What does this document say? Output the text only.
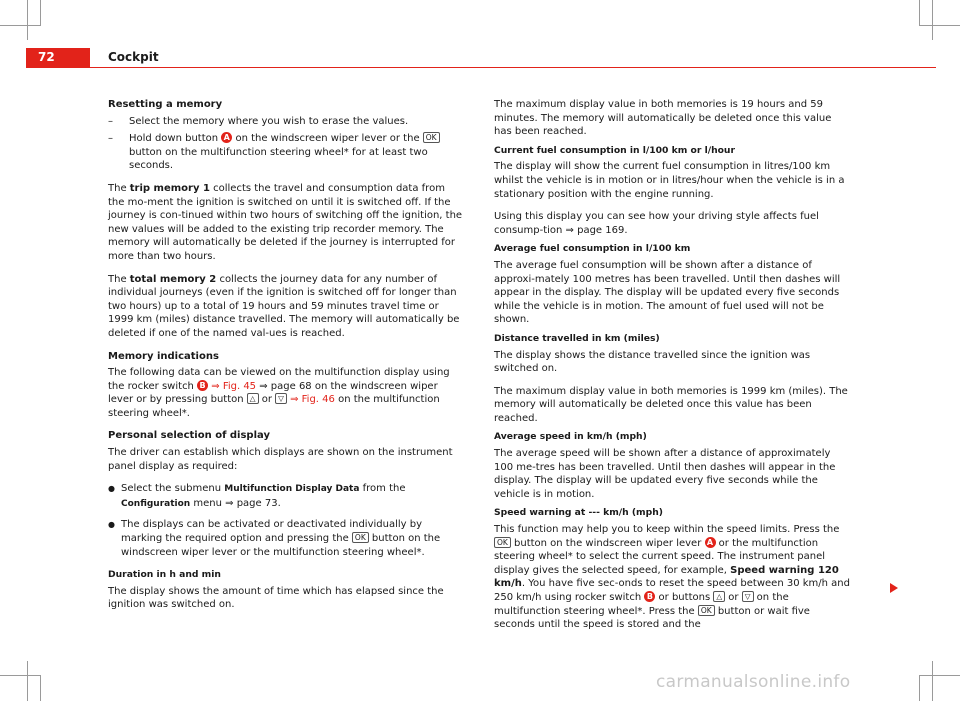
72	Cockpit
Resetting a memory
– Select the memory where you wish to erase the values.
– Hold down button A on the windscreen wiper lever or the OK button on the multifunction steering wheel* for at least two seconds.

The trip memory 1 collects the travel and consumption data from the mo-ment the ignition is switched on until it is switched off. If the journey is con-tinued within two hours of switching off the ignition, the new values will be added to the existing trip recorder memory. The memory will automatically be deleted if the journey is interrupted for more than two hours.

The total memory 2 collects the journey data for any number of individual journeys (even if the ignition is switched off for longer than two hours) up to a total of 19 hours and 59 minutes travel time or 1999 km (miles) distance travelled. The memory will automatically be deleted if one of the named val-ues is reached.

Memory indications

The following data can be viewed on the multifunction display using the rocker switch B ⇒ Fig. 45 ⇒ page 68 on the windscreen wiper lever or by pressing button △ or ▽ ⇒ Fig. 46 on the multifunction steering wheel*.

Personal selection of display

The driver can establish which displays are shown on the instrument panel display as required:

● Select the submenu Multifunction Display Data from the Configuration menu ⇒ page 73.
● The displays can be activated or deactivated individually by marking the required option and pressing the OK button on the windscreen wiper lever or the multifunction steering wheel*.
Duration in h and min

The display shows the amount of time which has elapsed since the ignition was switched on.

The maximum display value in both memories is 19 hours and 59 minutes. The memory will automatically be deleted once this value has been reached.

Current fuel consumption in l/100 km or l/hour

The display will show the current fuel consumption in litres/100 km whilst the vehicle is in motion or in litres/hour when the vehicle is in a stationary position with the engine running.

Using this display you can see how your driving style affects fuel consump-tion ⇒ page 169.

Average fuel consumption in l/100 km

The average fuel consumption will be shown after a distance of approxi-mately 100 metres has been travelled. Until then dashes will appear in the display. The display will be updated every five seconds while the vehicle is in motion. The amount of fuel used will not be shown.

Distance travelled in km (miles)

The display shows the distance travelled since the ignition was switched on.

The maximum display value in both memories is 1999 km (miles). The memory will automatically be deleted once this value has been reached.

Average speed in km/h (mph)

The average speed will be shown after a distance of approximately 100 me-tres has been travelled. Until then dashes will appear in the display. The display will be updated every five seconds while the vehicle is in motion.

Speed warning at --- km/h (mph)

This function may help you to keep within the speed limits. Press the OK button on the windscreen wiper lever A or the multifunction steering wheel* to select the current speed. The instrument panel display gives the selected speed, for example, Speed warning 120 km/h. You have five sec-onds to reset the speed between 30 km/h and 250 km/h using rocker switch B or buttons △ or ▽ on the multifunction steering wheel*. Press the OK button or wait five seconds until the speed is stored and the

carmanualsonline.info
